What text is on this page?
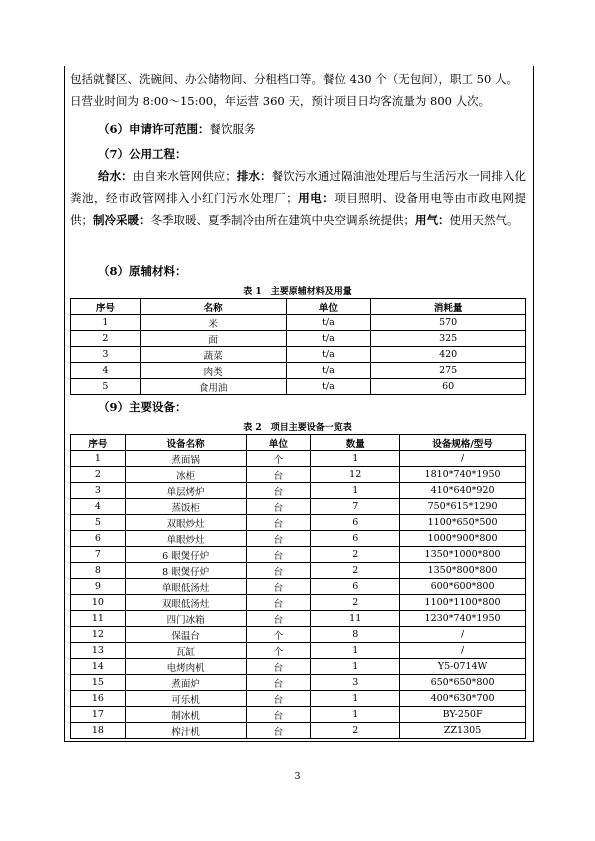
包括就餐区、洗碗间、办公储物间、分租档口等。餐位 430 个（无包间），职工 50 人。
日营业时间为 8:00～15:00，年运营 360 天，预计项目日均客流量为 800 人次。
（6）申请许可范围：餐饮服务
（7）公用工程：
给水：由自来水管网供应；排水：餐饮污水通过隔油池处理后与生活污水一同排入化粪池，经市政管网排入小红门污水处理厂；用电：项目照明、设备用电等由市政电网提供；制冷采暖：冬季取暖、夏季制冷由所在建筑中央空调系统提供；用气：使用天然气。
（8）原辅材料：
表 1　主要原辅材料及用量
序号	名称	单位	消耗量
1	米	t/a	570
2	面	t/a	325
3	蔬菜	t/a	420
4	肉类	t/a	275
5	食用油	t/a	60
（9）主要设备：
表 2　项目主要设备一览表
序号	设备名称	单位	数量	设备规格/型号
1	煮面锅	个	1	/
2	冰柜	台	12	1810*740*1950
3	单层烤炉	台	1	410*640*920
4	蒸饭柜	台	7	750*615*1290
5	双眼炒灶	台	6	1100*650*500
6	单眼炒灶	台	6	1000*900*800
7	6 眼煲仔炉	台	2	1350*1000*800
8	8 眼煲仔炉	台	2	1350*800*800
9	单眼低汤灶	台	6	600*600*800
10	双眼低汤灶	台	2	1100*1100*800
11	四门冰箱	台	11	1230*740*1950
12	保温台	个	8	/
13	瓦缸	个	1	/
14	电烤肉机	台	1	Y5-0714W
15	煮面炉	台	3	650*650*800
16	可乐机	台	1	400*630*700
17	制冰机	台	1	BY-250F
18	榨汁机	台	2	ZZ1305
3
